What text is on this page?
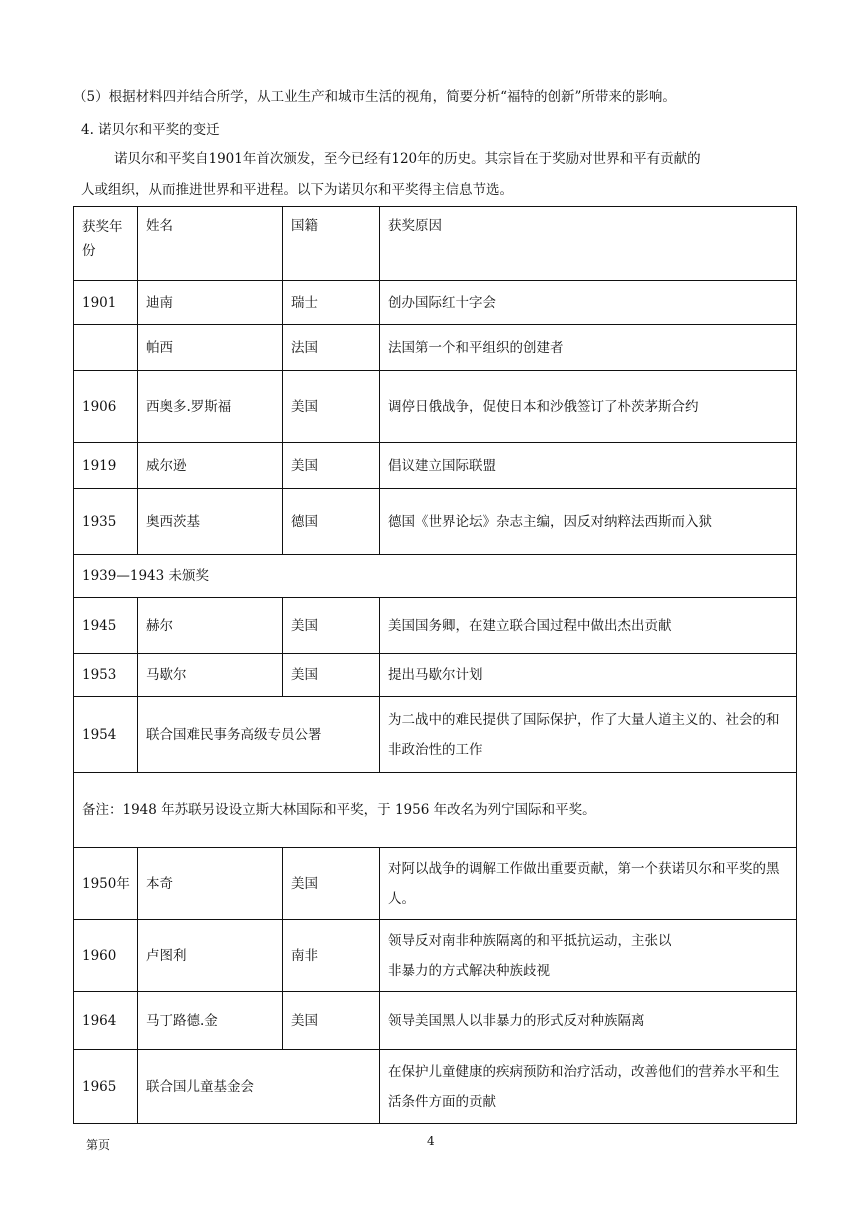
（5）根据材料四并结合所学，从工业生产和城市生活的视角，简要分析“福特的创新”所带来的影响。

4. 诺贝尔和平奖的变迁

诺贝尔和平奖自1901年首次颁发，至今已经有120年的历史。其宗旨在于奖励对世界和平有贡献的

人或组织，从而推进世界和平进程。以下为诺贝尔和平奖得主信息节选。

获奖年份	姓名	国籍	获奖原因
1901	迪南	瑞士	创办国际红十字会
	帕西	法国	法国第一个和平组织的创建者
1906	西奥多.罗斯福	美国	调停日俄战争，促使日本和沙俄签订了朴茨茅斯合约
1919	威尔逊	美国	倡议建立国际联盟
1935	奥西茨基	德国	德国《世界论坛》杂志主编，因反对纳粹法西斯而入狱
1939—1943 未颁奖			
1945	赫尔	美国	美国国务卿，在建立联合国过程中做出杰出贡献
1953	马歇尔	美国	提出马歇尔计划
1954	联合国难民事务高级专员公署		为二战中的难民提供了国际保护，作了大量人道主义的、社会的和非政治性的工作
备注：1948 年苏联另设设立斯大林国际和平奖，于 1956 年改名为列宁国际和平奖。			
1950年	本奇	美国	对阿以战争的调解工作做出重要贡献，第一个获诺贝尔和平奖的黑人。
1960	卢图利	南非	领导反对南非种族隔离的和平抵抗运动，主张以
非暴力的方式解决种族歧视

1964	马丁路德.金	美国	领导美国黑人以非暴力的形式反对种族隔离
1965	联合国儿童基金会		在保护儿童健康的疾病预防和治疗活动，改善他们的营养水平和生活条件方面的贡献
第页	4
